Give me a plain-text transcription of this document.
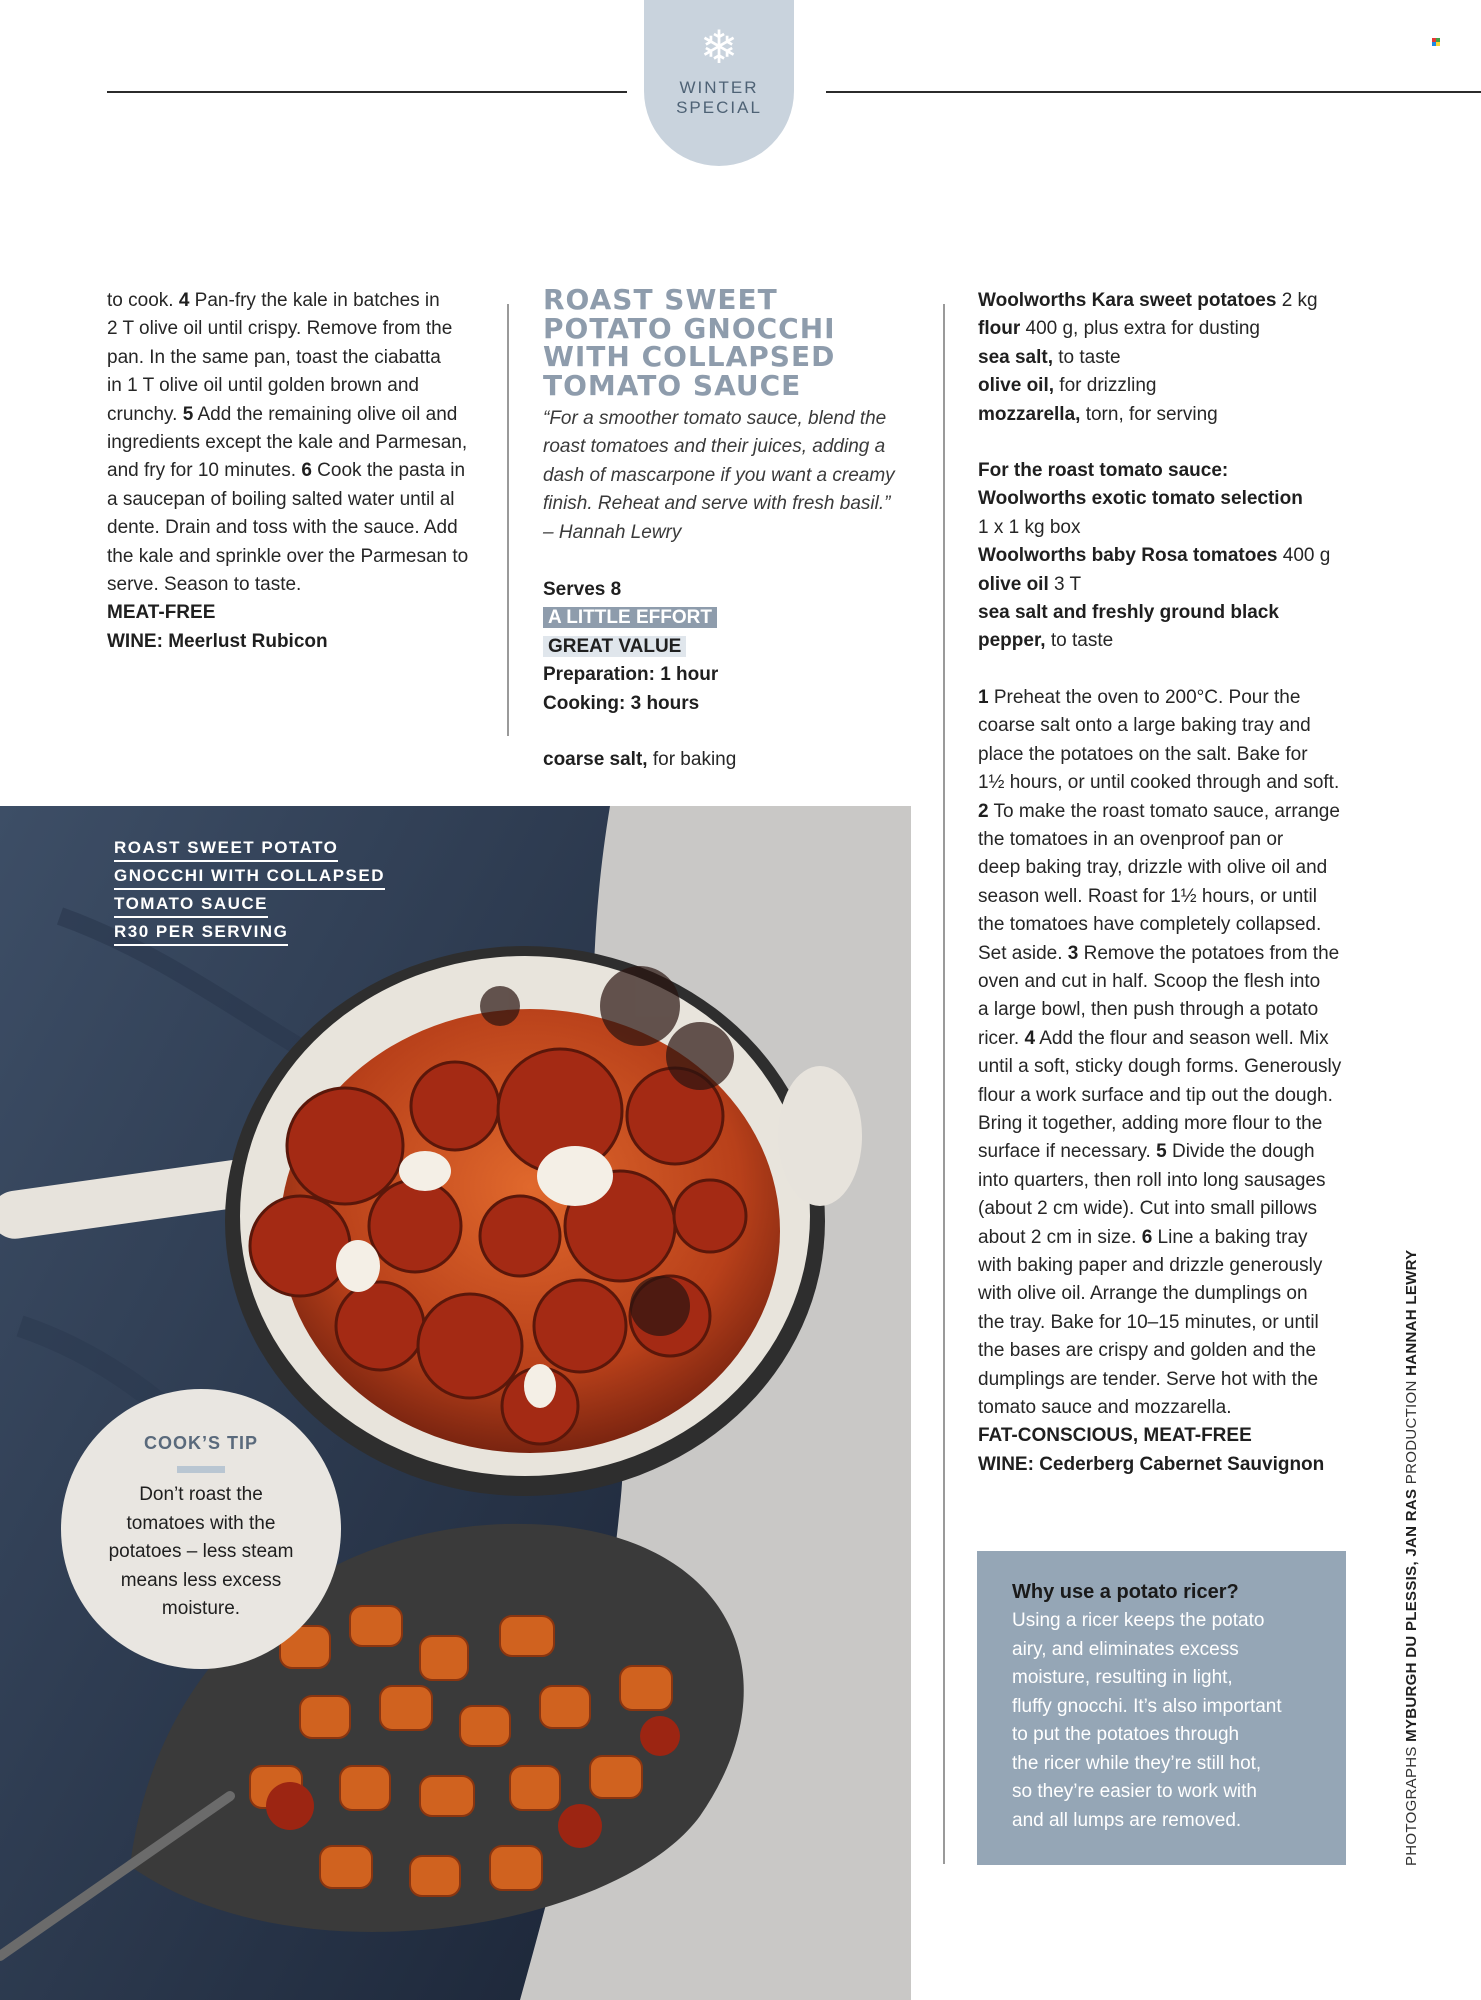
❄
WINTER
SPECIAL

to cook. 4 Pan-fry the kale in batches in

2 T olive oil until crispy. Remove from the

pan. In the same pan, toast the ciabatta

in 1 T olive oil until golden brown and

crunchy. 5 Add the remaining olive oil and

ingredients except the kale and Parmesan,

and fry for 10 minutes. 6 Cook the pasta in

a saucepan of boiling salted water until al

dente. Drain and toss with the sauce. Add

the kale and sprinkle over the Parmesan to

serve. Season to taste.

MEAT-FREE

WINE: Meerlust Rubicon

ROAST SWEET
POTATO GNOCCHI
WITH COLLAPSED
TOMATO SAUCE
“For a smoother tomato sauce, blend the
roast tomatoes and their juices, adding a
dash of mascarpone if you want a creamy
finish. Reheat and serve with fresh basil.”
– Hannah Lewry

Serves 8

A LITTLE EFFORT

GREAT VALUE

Preparation: 1 hour

Cooking: 3 hours

coarse salt, for baking

Woolworths Kara sweet potatoes 2 kg

flour 400 g, plus extra for dusting

sea salt, to taste

olive oil, for drizzling

mozzarella, torn, for serving

For the roast tomato sauce:

Woolworths exotic tomato selection

1 x 1 kg box

Woolworths baby Rosa tomatoes 400 g

olive oil 3 T

sea salt and freshly ground black

pepper, to taste

1 Preheat the oven to 200°C. Pour the

coarse salt onto a large baking tray and

place the potatoes on the salt. Bake for

1½ hours, or until cooked through and soft.

2 To make the roast tomato sauce, arrange

the tomatoes in an ovenproof pan or

deep baking tray, drizzle with olive oil and

season well. Roast for 1½ hours, or until

the tomatoes have completely collapsed.

Set aside. 3 Remove the potatoes from the

oven and cut in half. Scoop the flesh into

a large bowl, then push through a potato

ricer. 4 Add the flour and season well. Mix

until a soft, sticky dough forms. Generously

flour a work surface and tip out the dough.

Bring it together, adding more flour to the

surface if necessary. 5 Divide the dough

into quarters, then roll into long sausages

(about 2 cm wide). Cut into small pillows

about 2 cm in size. 6 Line a baking tray

with baking paper and drizzle generously

with olive oil. Arrange the dumplings on

the tray. Bake for 10–15 minutes, or until

the bases are crispy and golden and the

dumplings are tender. Serve hot with the

tomato sauce and mozzarella.

FAT-CONSCIOUS, MEAT-FREE

WINE: Cederberg Cabernet Sauvignon

ROAST SWEET POTATO
GNOCCHI WITH COLLAPSED
TOMATO SAUCE
R30 PER SERVING
COOK’S TIP
Don’t roast the
tomatoes with the
potatoes – less steam
means less excess
moisture.
Why use a potato ricer?
Using a ricer keeps the potato
airy, and eliminates excess
moisture, resulting in light,
fluffy gnocchi. It’s also important
to put the potatoes through
the ricer while they’re still hot,
so they’re easier to work with
and all lumps are removed.	PHOTOGRAPHS MYBURGH DU PLESSIS, JAN RAS PRODUCTION HANNAH LEWRY
